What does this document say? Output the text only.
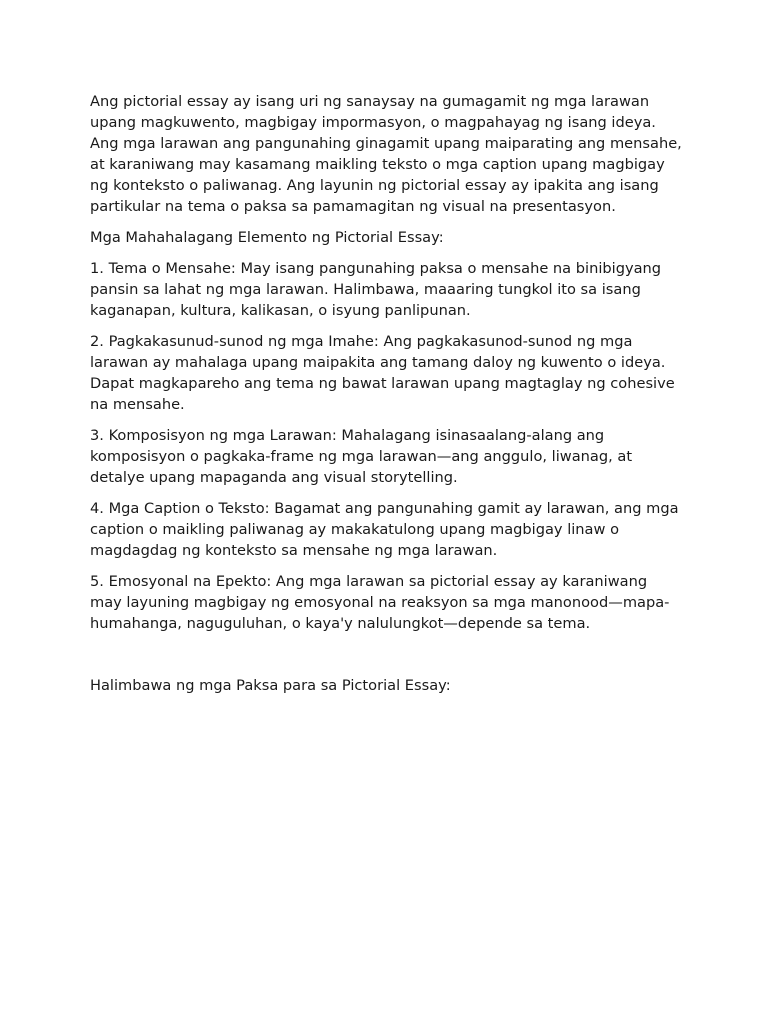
Ang pictorial essay ay isang uri ng sanaysay na gumagamit ng mga larawan upang magkuwento, magbigay impormasyon, o magpahayag ng isang ideya. Ang mga larawan ang pangunahing ginagamit upang maiparating ang mensahe, at karaniwang may kasamang maikling teksto o mga caption upang magbigay ng konteksto o paliwanag. Ang layunin ng pictorial essay ay ipakita ang isang partikular na tema o paksa sa pamamagitan ng visual na presentasyon.

Mga Mahahalagang Elemento ng Pictorial Essay:

1. Tema o Mensahe: May isang pangunahing paksa o mensahe na binibigyang pansin sa lahat ng mga larawan. Halimbawa, maaaring tungkol ito sa isang kaganapan, kultura, kalikasan, o isyung panlipunan.

2. Pagkakasunud-sunod ng mga Imahe: Ang pagkakasunod-sunod ng mga larawan ay mahalaga upang maipakita ang tamang daloy ng kuwento o ideya. Dapat magkapareho ang tema ng bawat larawan upang magtaglay ng cohesive na mensahe.

3. Komposisyon ng mga Larawan: Mahalagang isinasaalang-alang ang komposisyon o pagkaka-frame ng mga larawan—ang anggulo, liwanag, at detalye upang mapaganda ang visual storytelling.

4. Mga Caption o Teksto: Bagamat ang pangunahing gamit ay larawan, ang mga caption o maikling paliwanag ay makakatulong upang magbigay linaw o magdagdag ng konteksto sa mensahe ng mga larawan.

5. Emosyonal na Epekto: Ang mga larawan sa pictorial essay ay karaniwang may layuning magbigay ng emosyonal na reaksyon sa mga manonood—mapa-humahanga, naguguluhan, o kaya'y nalulungkot—depende sa tema.

Halimbawa ng mga Paksa para sa Pictorial Essay:
